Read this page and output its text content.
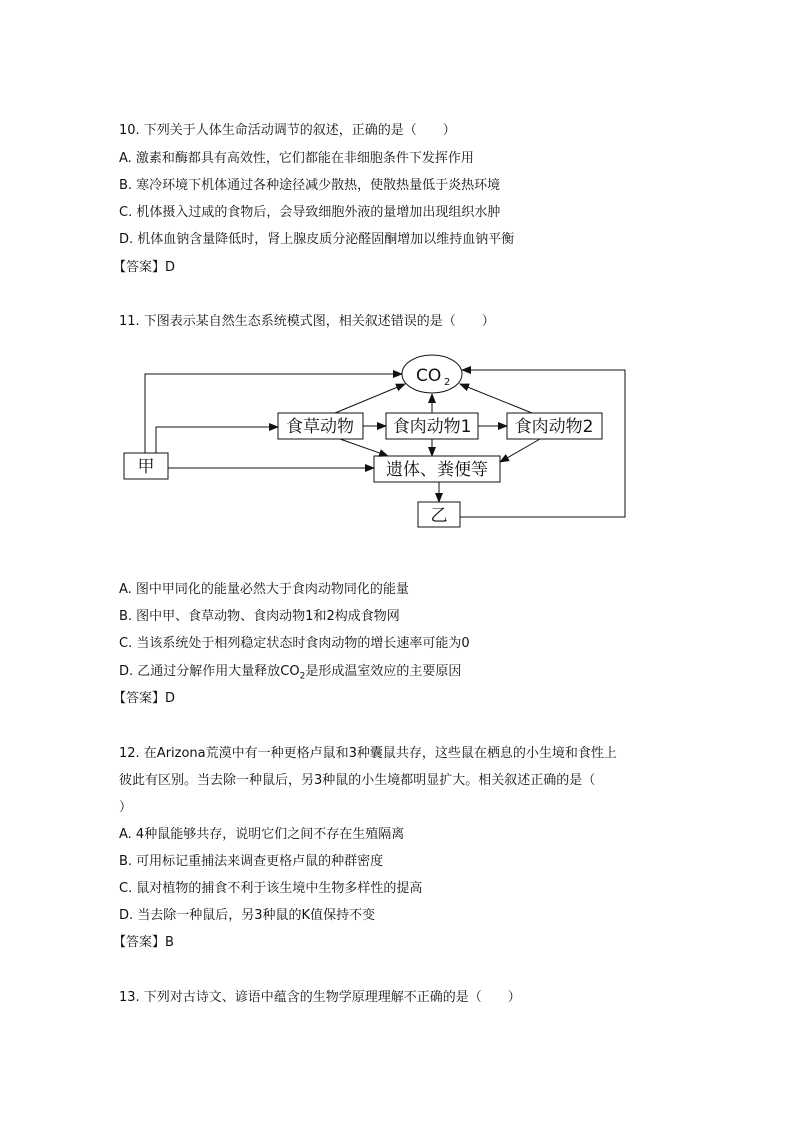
10. 下列关于人体生命活动调节的叙述，正确的是（　　）
A. 激素和酶都具有高效性，它们都能在非细胞条件下发挥作用
B. 寒冷环境下机体通过各种途径减少散热，使散热量低于炎热环境
C. 机体摄入过咸的食物后，会导致细胞外液的量增加出现组织水肿
D. 机体血钠含量降低时，肾上腺皮质分泌醛固酮增加以维持血钠平衡
【答案】D
11. 下图表示某自然生态系统模式图，相关叙述错误的是（　　）
CO 2
食草动物 食肉动物1	食肉动物2
甲	遗体、粪便等
乙
A. 图中甲同化的能量必然大于食肉动物同化的能量
B. 图中甲、食草动物、食肉动物1和2构成食物网
C. 当该系统处于相列稳定状态时食肉动物的增长速率可能为0
D. 乙通过分解作用大量释放$CO_2$是形成温室效应的主要原因
【答案】D
12. 在Arizona荒漠中有一种更格卢鼠和3种囊鼠共存，这些鼠在栖息的小生境和食性上
彼此有区别。当去除一种鼠后，另3种鼠的小生境都明显扩大。相关叙述正确的是（
）
A. 4种鼠能够共存，说明它们之间不存在生殖隔离
B. 可用标记重捕法来调查更格卢鼠的种群密度
C. 鼠对植物的捕食不利于该生境中生物多样性的提高
D. 当去除一种鼠后，另3种鼠的K值保持不变
【答案】B
13. 下列对古诗文、谚语中蕴含的生物学原理理解不正确的是（　　）
